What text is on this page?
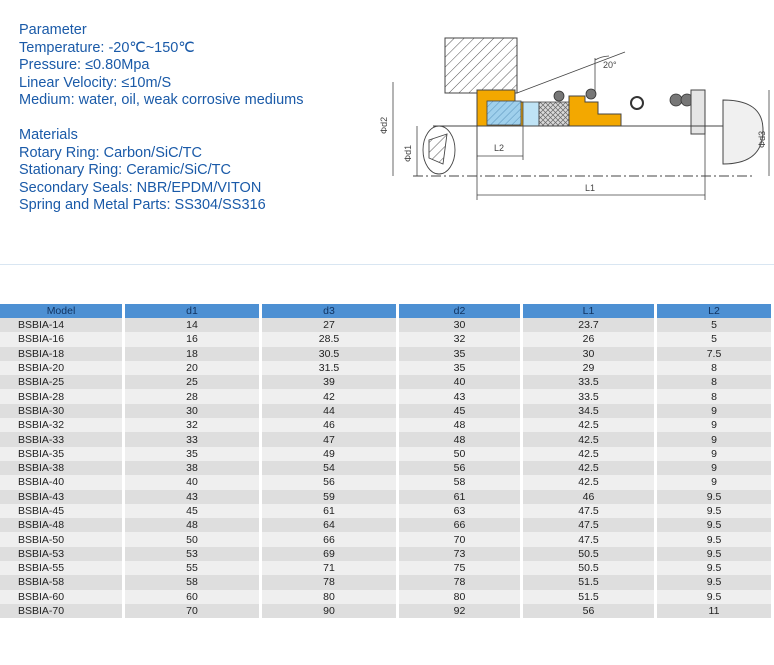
Parameter
Temperature: -20℃~150℃
Pressure: ≤0.80Mpa
Linear Velocity: ≤10m/S
Medium: water, oil, weak corrosive mediums
Materials
Rotary Ring: Carbon/SiC/TC
Stationary Ring: Ceramic/SiC/TC
Secondary Seals: NBR/EPDM/VITON
Spring and Metal Parts: SS304/SS316
20°
Φd2
Φd1
Φd3
L2
L1
Model	d1	d3	d2	L1	L2
BSBIA-14	14	27	30	23.7	5
BSBIA-16	16	28.5	32	26	5
BSBIA-18	18	30.5	35	30	7.5
BSBIA-20	20	31.5	35	29	8
BSBIA-25	25	39	40	33.5	8
BSBIA-28	28	42	43	33.5	8
BSBIA-30	30	44	45	34.5	9
BSBIA-32	32	46	48	42.5	9
BSBIA-33	33	47	48	42.5	9
BSBIA-35	35	49	50	42.5	9
BSBIA-38	38	54	56	42.5	9
BSBIA-40	40	56	58	42.5	9
BSBIA-43	43	59	61	46	9.5
BSBIA-45	45	61	63	47.5	9.5
BSBIA-48	48	64	66	47.5	9.5
BSBIA-50	50	66	70	47.5	9.5
BSBIA-53	53	69	73	50.5	9.5
BSBIA-55	55	71	75	50.5	9.5
BSBIA-58	58	78	78	51.5	9.5
BSBIA-60	60	80	80	51.5	9.5
BSBIA-70	70	90	92	56	11
